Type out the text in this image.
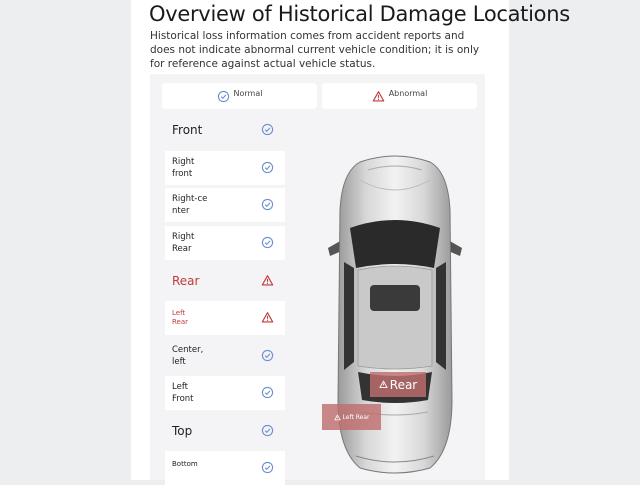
Overview of Historical Damage Locations
Historical loss information comes from accident reports and does not indicate abnormal current vehicle condition; it is only for reference against actual vehicle status.
Normal	Abnormal
Front
Right front
Right-center
Right Rear
Rear
Left Rear
Center, left
Left Front
Top
Bottom
Rear
Left Rear
